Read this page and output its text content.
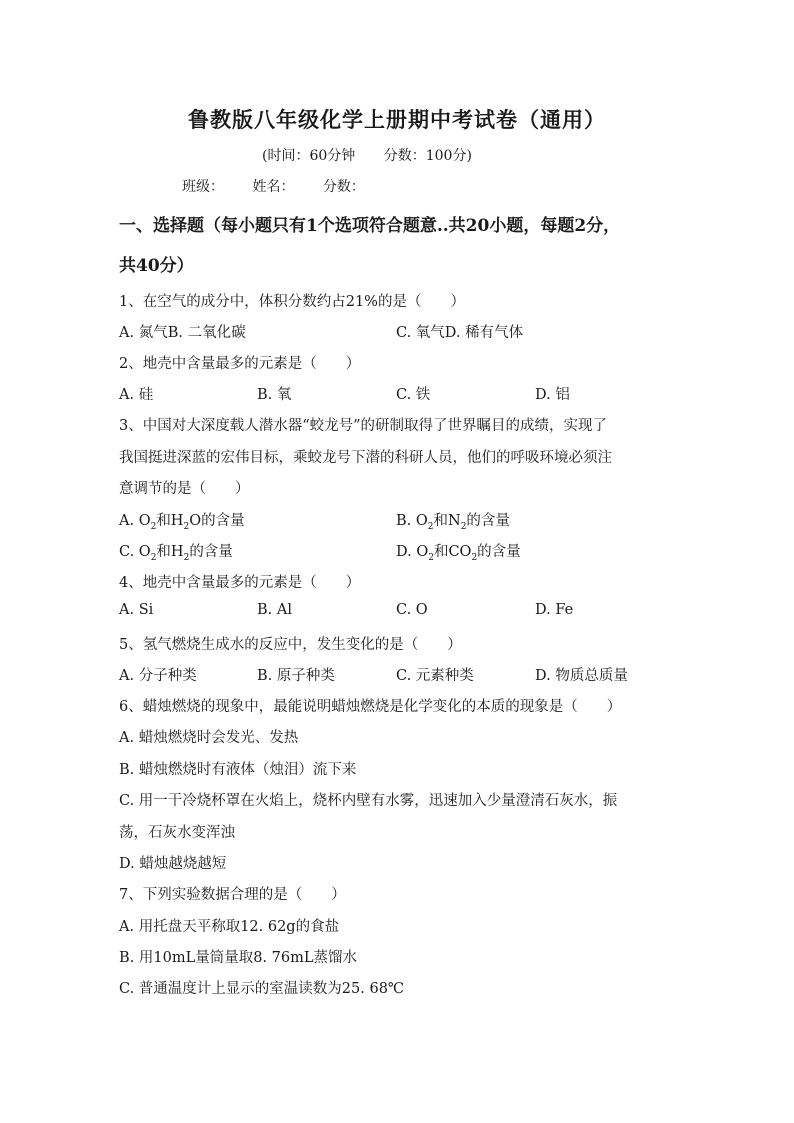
鲁教版八年级化学上册期中考试卷（通用）
(时间：60分钟 分数：100分)
班级： 姓名： 分数：
一、选择题（每小题只有1个选项符合题意..共20小题，每题2分，
共40分）
1、在空气的成分中，体积分数约占21%的是（　　）
A. 氮气B. 二氧化碳	C. 氧气D. 稀有气体
2、地壳中含量最多的元素是（　　）
A. 硅	B. 氧	C. 铁	D. 铝
3、中国对大深度载人潜水器“蛟龙号”的研制取得了世界瞩目的成绩，实现了
我国挺进深蓝的宏伟目标，乘蛟龙号下潜的科研人员，他们的呼吸环境必须注
意调节的是（　　）
A. $O_2$和$H_2O$的含量	B. $O_2$和$N_2$的含量
C. $O_2$和$H_2$的含量	D. $O_2$和$CO_2$的含量
4、地壳中含量最多的元素是（　　）
A. Si	B. Al	C. O	D. Fe
5、氢气燃烧生成水的反应中，发生变化的是（　　）
A. 分子种类	B. 原子种类	C. 元素种类	D. 物质总质量
6、蜡烛燃烧的现象中，最能说明蜡烛燃烧是化学变化的本质的现象是（　　）
A. 蜡烛燃烧时会发光、发热
B. 蜡烛燃烧时有液体（烛泪）流下来
C. 用一干冷烧杯罩在火焰上，烧杯内壁有水雾，迅速加入少量澄清石灰水，振
荡，石灰水变浑浊
D. 蜡烛越烧越短
7、下列实验数据合理的是（　　）
A. 用托盘天平称取12. 62g的食盐
B. 用10mL量筒量取8. 76mL蒸馏水
C. 普通温度计上显示的室温读数为25. 68℃
